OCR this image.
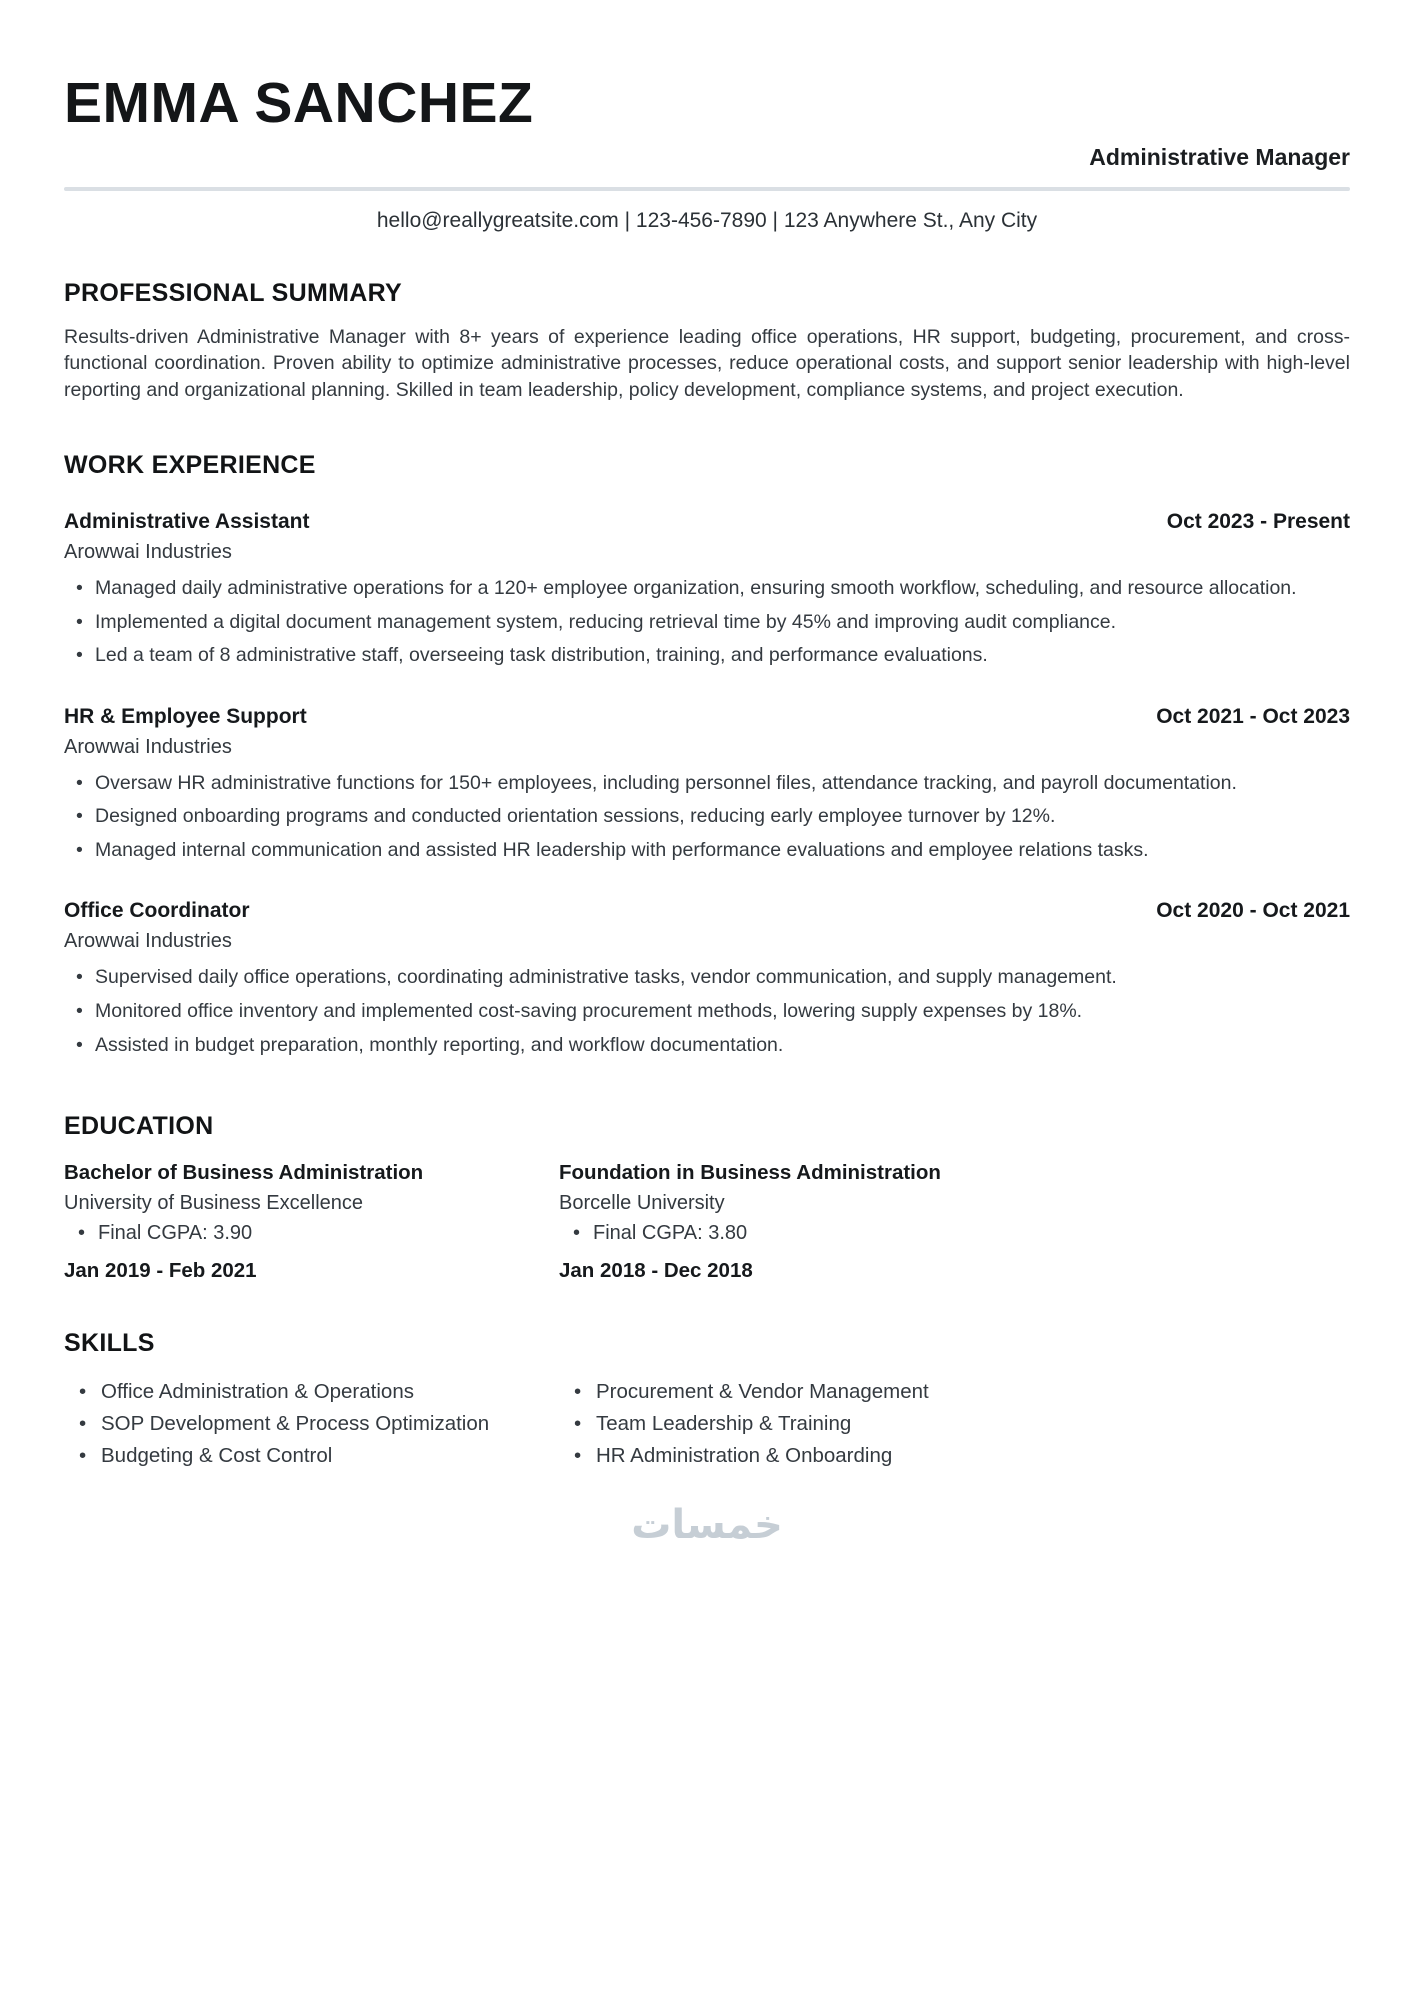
EMMA SANCHEZ
Administrative Manager
hello@reallygreatsite.com | 123-456-7890 | 123 Anywhere St., Any City
PROFESSIONAL SUMMARY

Results-driven Administrative Manager with 8+ years of experience leading office operations, HR support, budgeting, procurement, and cross-functional coordination. Proven ability to optimize administrative processes, reduce operational costs, and support senior leadership with high-level reporting and organizational planning. Skilled in team leadership, policy development, compliance systems, and project execution.

WORK EXPERIENCE
Administrative Assistant	Oct 2023 - Present
Arowwai Industries
• Managed daily administrative operations for a 120+ employee organization, ensuring smooth workflow, scheduling, and resource allocation.
• Implemented a digital document management system, reducing retrieval time by 45% and improving audit compliance.
• Led a team of 8 administrative staff, overseeing task distribution, training, and performance evaluations.
HR & Employee Support	Oct 2021 - Oct 2023
Arowwai Industries
• Oversaw HR administrative functions for 150+ employees, including personnel files, attendance tracking, and payroll documentation.
• Designed onboarding programs and conducted orientation sessions, reducing early employee turnover by 12%.
• Managed internal communication and assisted HR leadership with performance evaluations and employee relations tasks.
Office Coordinator	Oct 2020 - Oct 2021
Arowwai Industries
• Supervised daily office operations, coordinating administrative tasks, vendor communication, and supply management.
• Monitored office inventory and implemented cost-saving procurement methods, lowering supply expenses by 18%.
• Assisted in budget preparation, monthly reporting, and workflow documentation.
EDUCATION
Bachelor of Business Administration
University of Business Excellence
• Final CGPA: 3.90
Jan 2019 - Feb 2021
Foundation in Business Administration
Borcelle University
• Final CGPA: 3.80
Jan 2018 - Dec 2018
SKILLS
• Office Administration & Operations
• SOP Development & Process Optimization
• Budgeting & Cost Control
• Procurement & Vendor Management
• Team Leadership & Training
• HR Administration & Onboarding
خمسات
